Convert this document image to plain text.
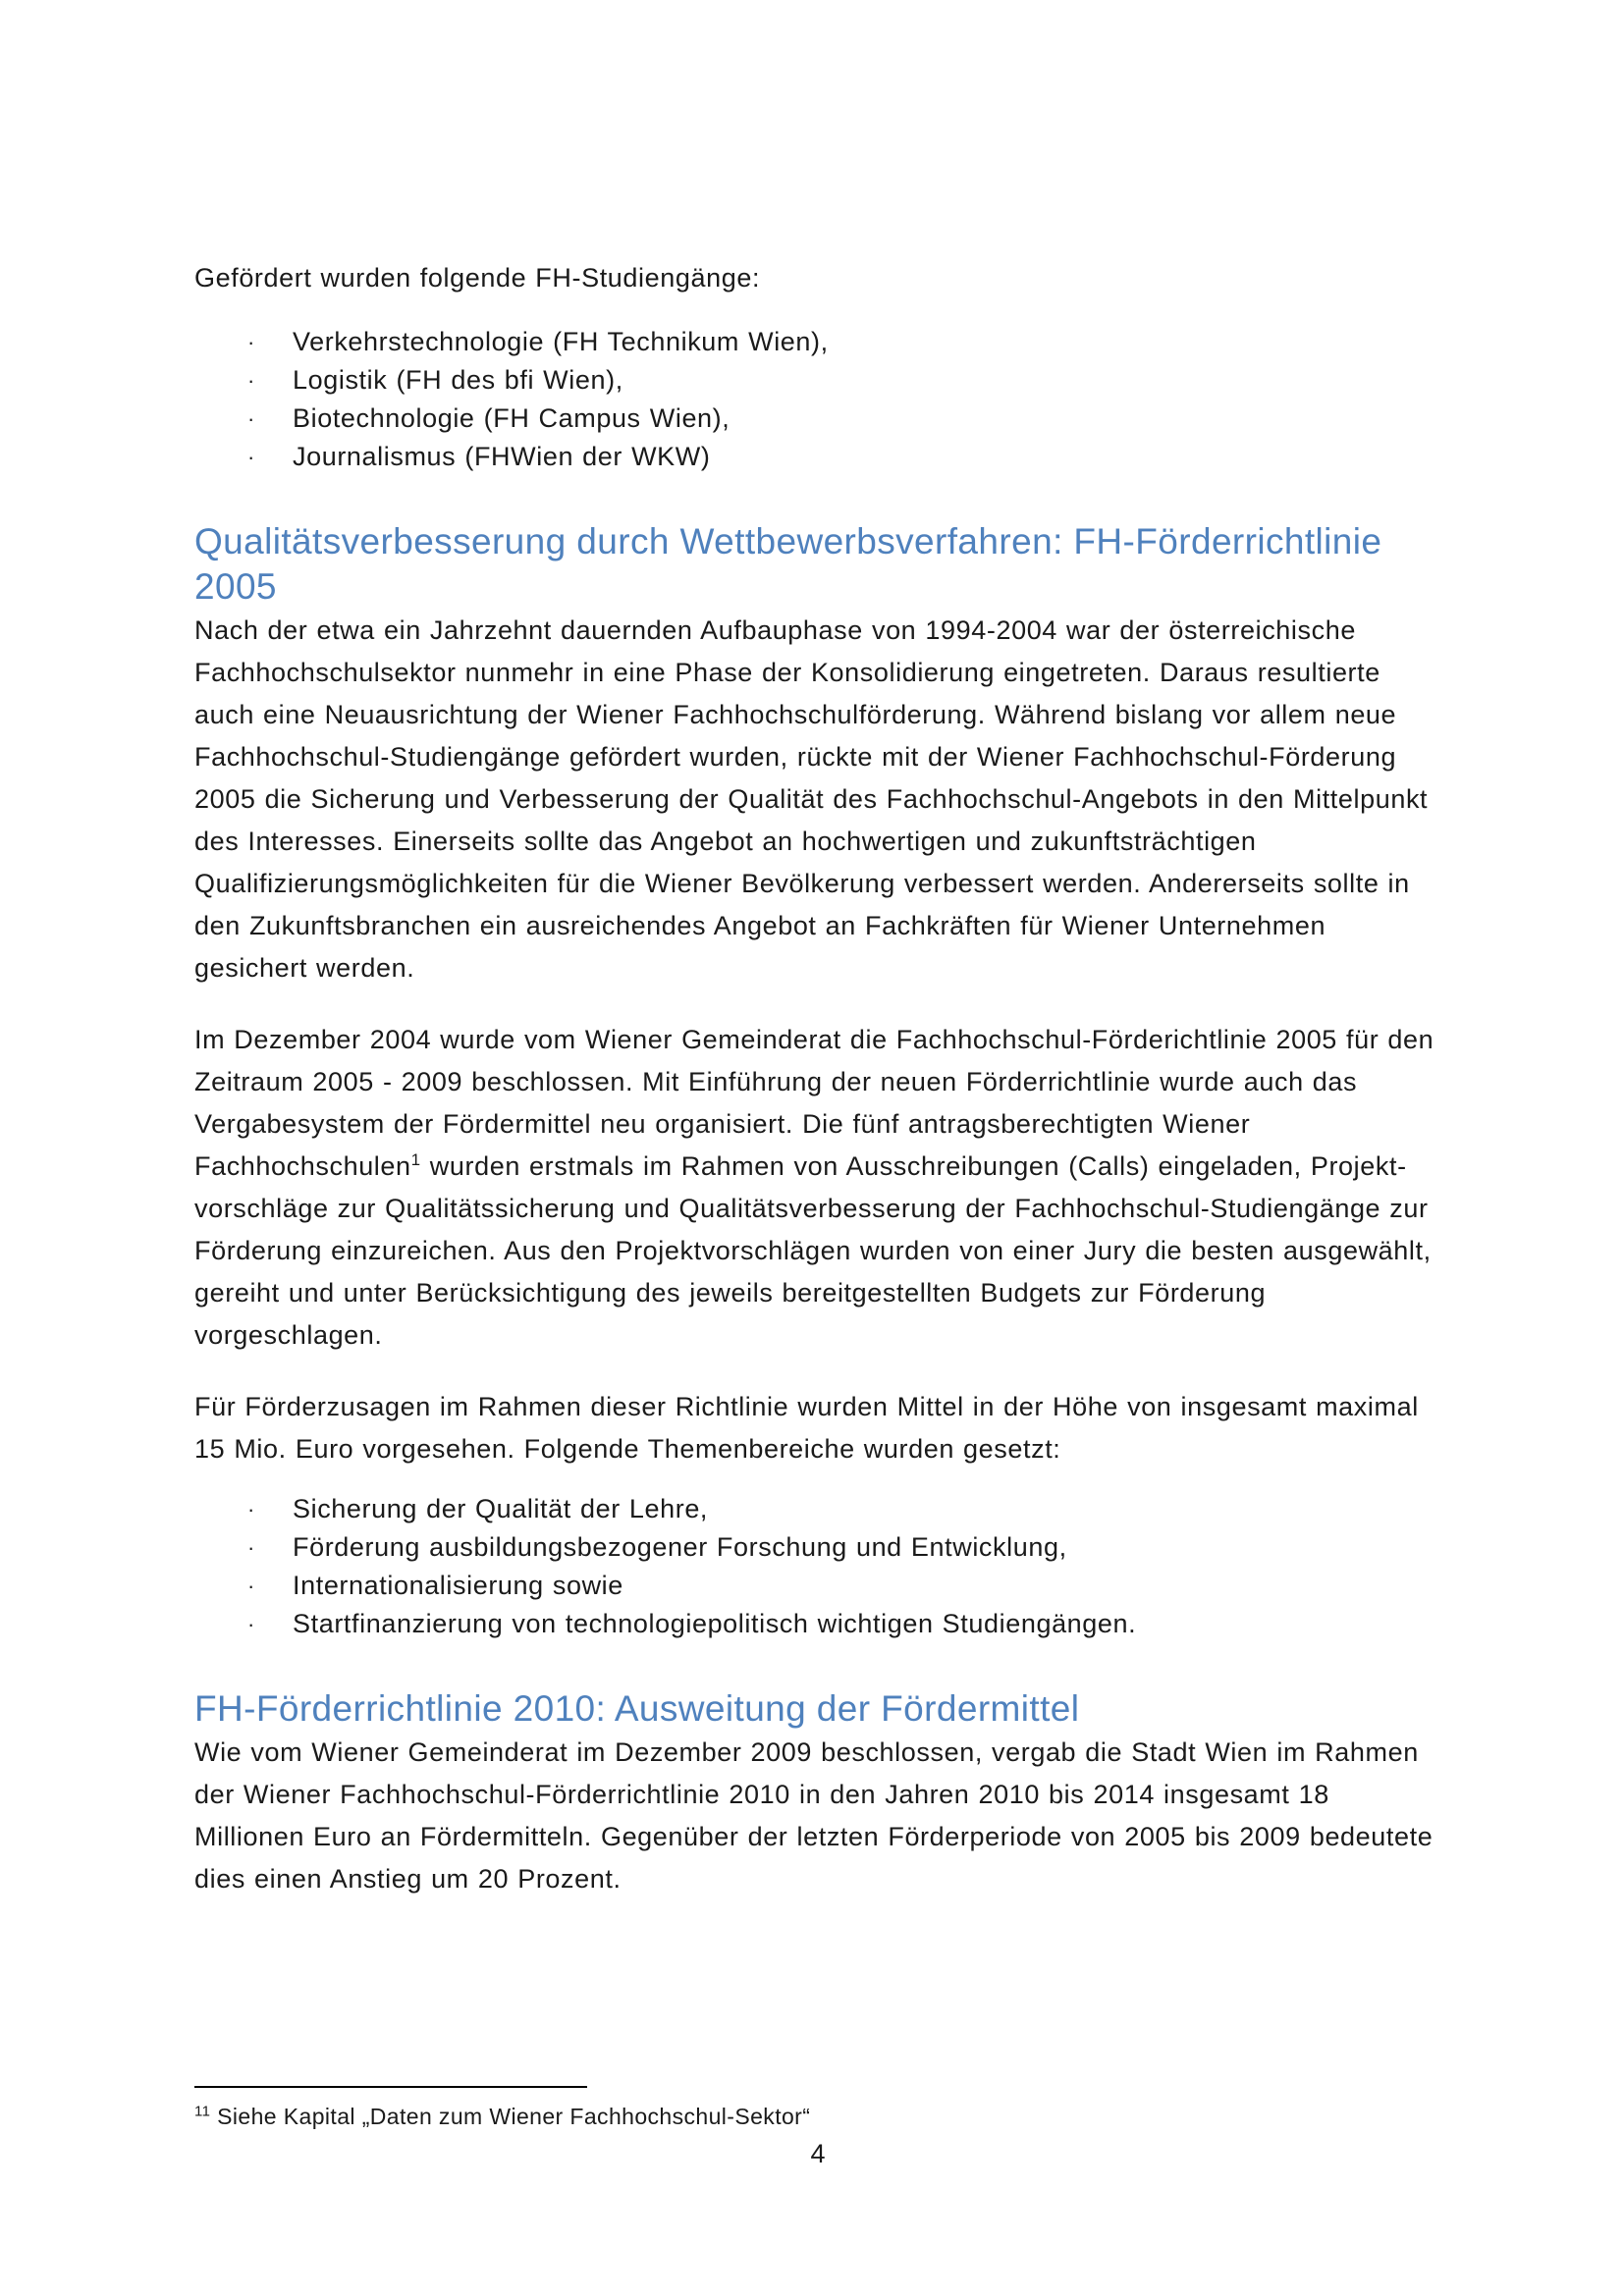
Gefördert wurden folgende FH-Studiengänge:

· Verkehrstechnologie (FH Technikum Wien),
· Logistik (FH des bfi Wien),
· Biotechnologie (FH Campus Wien),
· Journalismus (FHWien der WKW)
Qualitätsverbesserung durch Wettbewerbsverfahren: FH-Förderrichtlinie
2005

Nach der etwa ein Jahrzehnt dauernden Aufbauphase von 1994-2004 war der österreichische Fachhochschulsektor nunmehr in eine Phase der Konsolidierung eingetreten. Daraus resultierte auch eine Neuausrichtung der Wiener Fachhochschulförderung. Während bislang vor allem neue Fachhochschul-Studiengänge gefördert wurden, rückte mit der Wiener Fachhochschul-Förderung 2005 die Sicherung und Verbesserung der Qualität des Fachhochschul-Angebots in den Mittelpunkt des Interesses. Einerseits sollte das Angebot an hochwertigen und zukunftsträchtigen Qualifizierungsmöglichkeiten für die Wiener Bevölkerung verbessert werden. Andererseits sollte in den Zukunftsbranchen ein ausreichendes Angebot an Fachkräften für Wiener Unternehmen gesichert werden.

Im Dezember 2004 wurde vom Wiener Gemeinderat die Fachhochschul-Förderichtlinie 2005 für den Zeitraum 2005 - 2009 beschlossen. Mit Einführung der neuen Förderrichtlinie wurde auch das Vergabesystem der Fördermittel neu organisiert. Die fünf antragsberechtigten Wiener Fachhochschulen$^1$ wurden erstmals im Rahmen von Ausschreibungen (Calls) eingeladen, Projekt-vorschläge zur Qualitätssicherung und Qualitätsverbesserung der Fachhochschul-Studiengänge zur Förderung einzureichen. Aus den Projektvorschlägen wurden von einer Jury die besten ausgewählt, gereiht und unter Berücksichtigung des jeweils bereitgestellten Budgets zur Förderung vorgeschlagen.

Für Förderzusagen im Rahmen dieser Richtlinie wurden Mittel in der Höhe von insgesamt maximal 15 Mio. Euro vorgesehen. Folgende Themenbereiche wurden gesetzt:

· Sicherung der Qualität der Lehre,
· Förderung ausbildungsbezogener Forschung und Entwicklung,
· Internationalisierung sowie
· Startfinanzierung von technologiepolitisch wichtigen Studiengängen.
FH-Förderrichtlinie 2010: Ausweitung der Fördermittel

Wie vom Wiener Gemeinderat im Dezember 2009 beschlossen, vergab die Stadt Wien im Rahmen der Wiener Fachhochschul-Förderrichtlinie 2010 in den Jahren 2010 bis 2014 insgesamt 18 Millionen Euro an Fördermitteln. Gegenüber der letzten Förderperiode von 2005 bis 2009 bedeutete dies einen Anstieg um 20 Prozent.

$^{11}$ Siehe Kapital „Daten zum Wiener Fachhochschul-Sektor“
4
